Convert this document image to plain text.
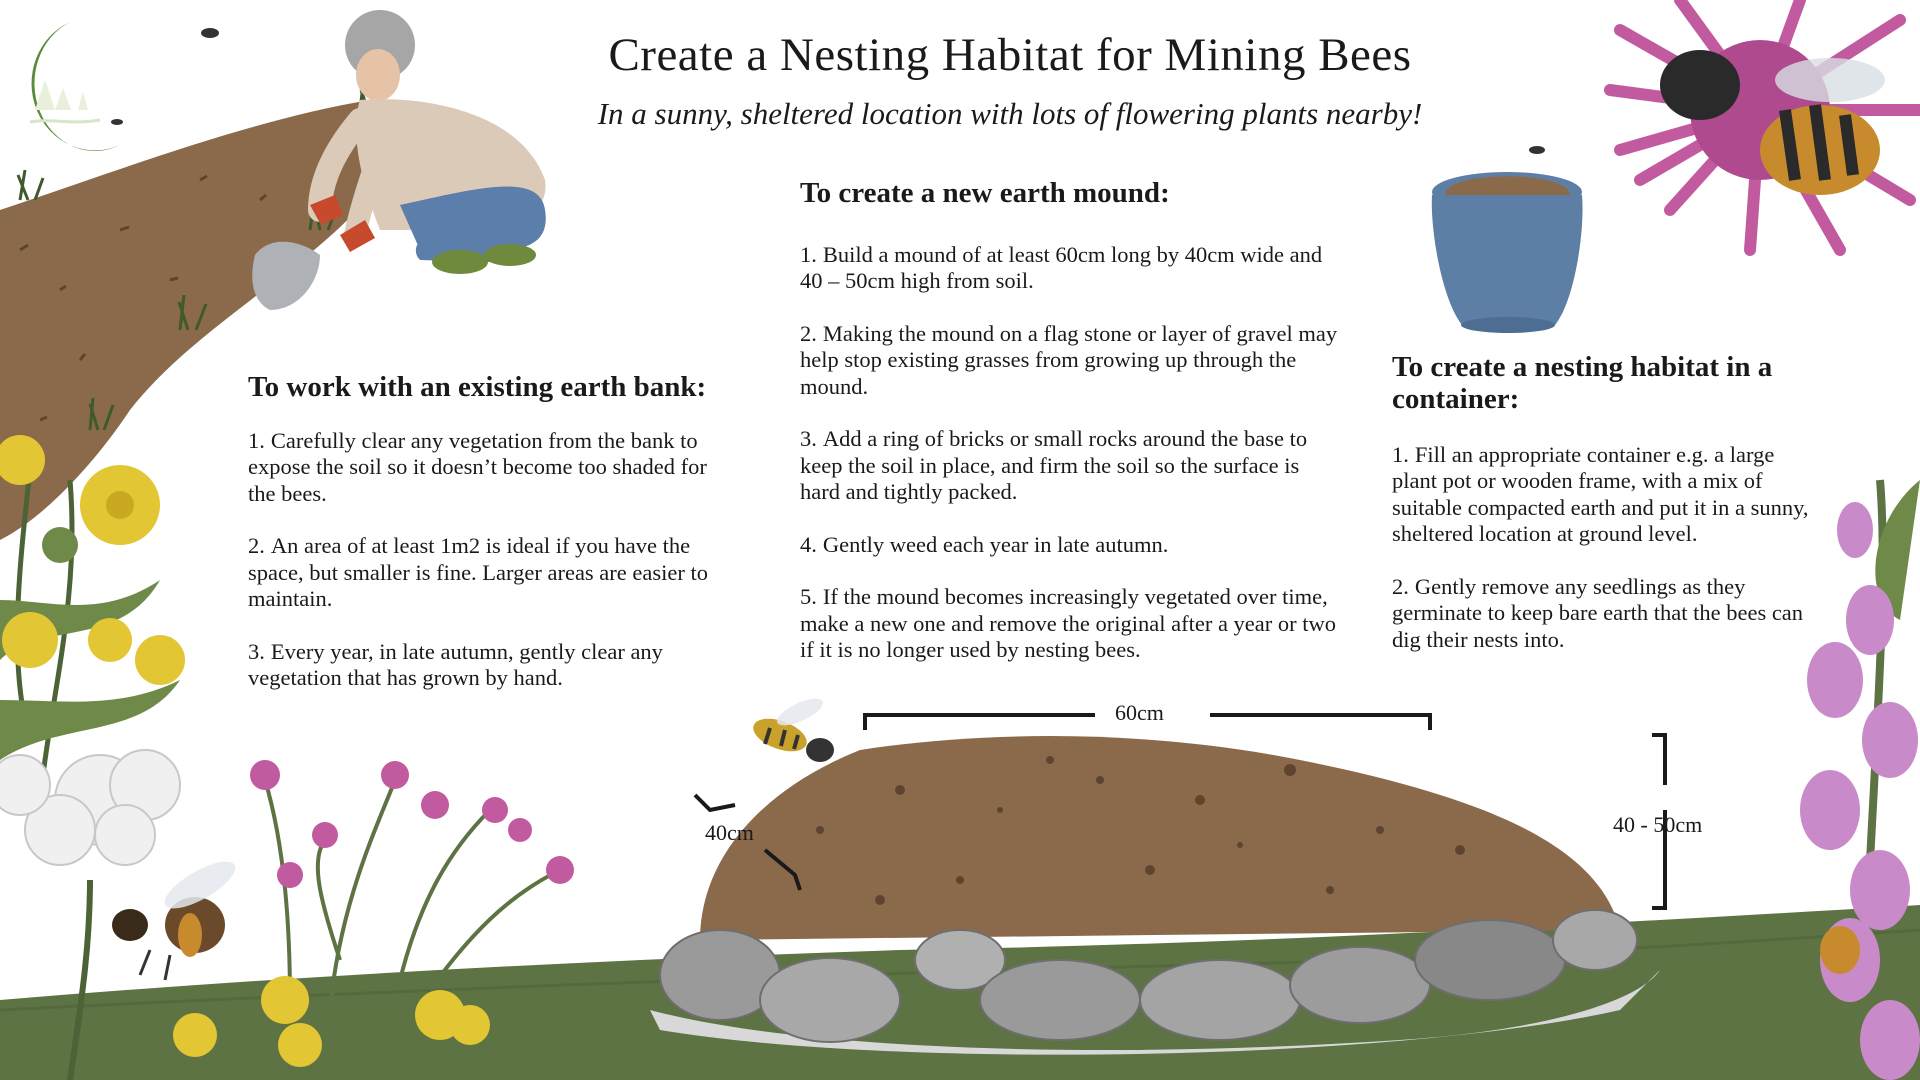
THE
hare's
corner	Create a Nesting Habitat for Mining Bees
In a sunny, sheltered location with lots of flowering plants nearby!
To work with an existing earth bank:
1. Carefully clear any vegetation from the bank to expose the soil so it doesn’t become too shaded for the bees.
2. An area of at least 1m2 is ideal if you have the space, but smaller is fine. Larger areas are easier to maintain.
3. Every year, in late autumn, gently clear any vegetation that has grown by hand.
To create a new earth mound:
1. Build a mound of at least 60cm long by 40cm wide and 40 – 50cm high from soil.
2. Making the mound on a flag stone or layer of gravel may help stop existing grasses from growing up through the mound.
3. Add a ring of bricks or small rocks around the base to keep the soil in place, and firm the soil so the surface is hard and tightly packed.
4. Gently weed each year in late autumn.
5. If the mound becomes increasingly vegetated over time, make a new one and remove the original after a year or two if it is no longer used by nesting bees.
To create a nesting habitat in a container:
1. Fill an appropriate container e.g. a large plant pot or wooden frame, with a mix of suitable compacted earth and put it in a sunny, sheltered location at ground level.
2. Gently remove any seedlings as they germinate to keep bare earth that the bees can dig their nests into.
60cm
40cm	40 - 50cm
